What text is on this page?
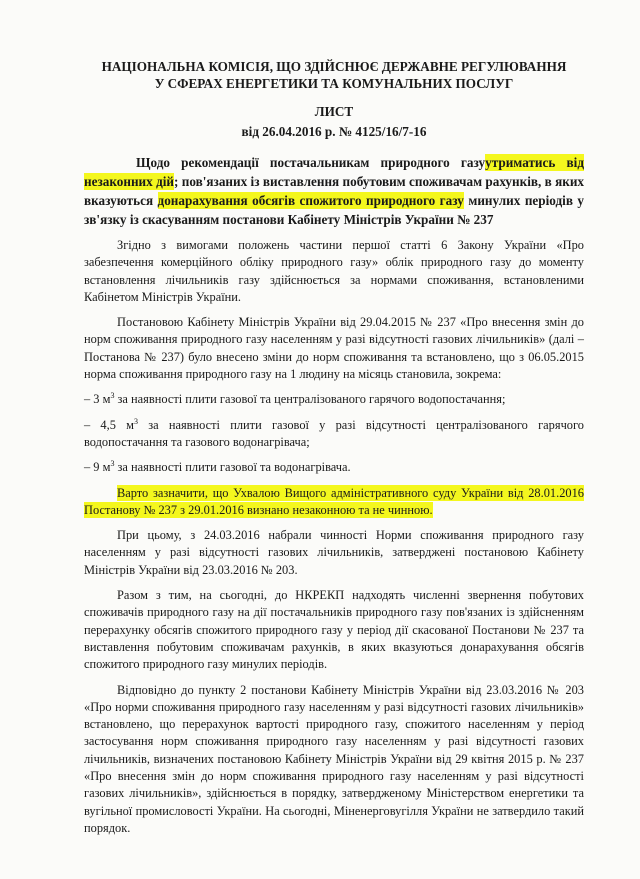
НАЦІОНАЛЬНА КОМІСІЯ, ЩО ЗДІЙСНЮЄ ДЕРЖАВНЕ РЕГУЛЮВАННЯ
У СФЕРАХ ЕНЕРГЕТИКИ ТА КОМУНАЛЬНИХ ПОСЛУГ
ЛИСТ
від 26.04.2016 р. № 4125/16/7-16
Щодо рекомендації постачальникам природного газуутриматись від незаконних дій; пов'язаних із виставлення побутовим споживачам рахунків, в яких вказуються донарахування обсягів спожитого природного газу минулих періодів у зв'язку із скасуванням постанови Кабінету Міністрів України № 237

Згідно з вимогами положень частини першої статті 6 Закону України «Про забезпечення комерційного обліку природного газу» облік природного газу до моменту встановлення лічильників газу здійснюється за нормами споживання, встановленими Кабінетом Міністрів України.

Постановою Кабінету Міністрів України від 29.04.2015 № 237 «Про внесення змін до норм споживання природного газу населенням у разі відсутності газових лічильників» (далі – Постанова № 237) було внесено зміни до норм споживання та встановлено, що з 06.05.2015 норма споживання природного газу на 1 людину на місяць становила, зокрема:

– 3 $м^3$ за наявності плити газової та централізованого гарячого водопостачання;

– 4,5 $м^3$ за наявності плити газової у разі відсутності централізованого гарячого водопостачання та газового водонагрівача;

– 9 $м^3$ за наявності плити газової та водонагрівача.

Варто зазначити, що Ухвалою Вищого адміністративного суду України від 28.01.2016 Постанову № 237 з 29.01.2016 визнано незаконною та не чинною.

При цьому, з 24.03.2016 набрали чинності Норми споживання природного газу населенням у разі відсутності газових лічильників, затверджені постановою Кабінету Міністрів України від 23.03.2016 № 203.

Разом з тим, на сьогодні, до НКРЕКП надходять численні звернення побутових споживачів природного газу на дії постачальників природного газу пов'язаних із здійсненням перерахунку обсягів спожитого природного газу у період дії скасованої Постанови № 237 та виставлення побутовим споживачам рахунків, в яких вказуються донарахування обсягів спожитого природного газу минулих періодів.

Відповідно до пункту 2 постанови Кабінету Міністрів України від 23.03.2016 № 203 «Про норми споживання природного газу населенням у разі відсутності газових лічильників» встановлено, що перерахунок вартості природного газу, спожитого населенням у період застосування норм споживання природного газу населенням у разі відсутності газових лічильників, визначених постановою Кабінету Міністрів України від 29 квітня 2015 р. № 237 «Про внесення змін до норм споживання природного газу населенням у разі відсутності газових лічильників», здійснюється в порядку, затвердженому Міністерством енергетики та вугільної промисловості України. На сьогодні, Міненерговугілля України не затвердило такий порядок.
